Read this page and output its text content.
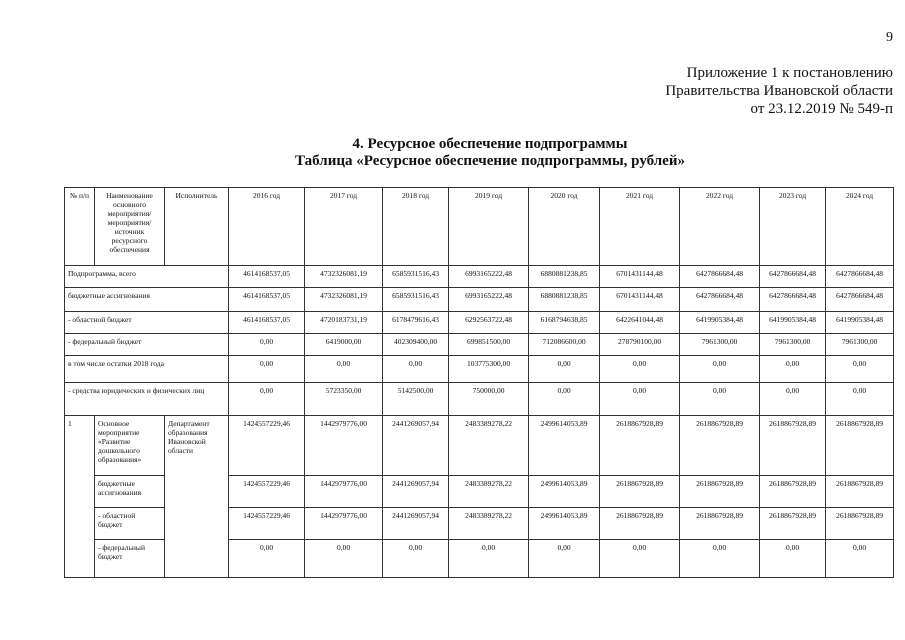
9
Приложение 1 к постановлению
Правительства Ивановской области
от 23.12.2019 № 549-п
4. Ресурсное обеспечение подпрограммы
Таблица «Ресурсное обеспечение подпрограммы, рублей»
№ п/п	Наименование основного мероприятия/ мероприятия/ источник ресурсного обеспечения	Исполнитель	2016 год	2017 год	2018 год	2019 год	2020 год	2021 год	2022 год	2023 год	2024 год
Подпрограмма, всего			4614168537,05	4732326081,19	6585931516,43	6993165222,48	6880881238,85	6701431144,48	6427866684,48	6427866684,48	6427866684,48
бюджетные ассигнования			4614168537,05	4732326081,19	6585931516,43	6993165222,48	6880881238,85	6701431144,48	6427866684,48	6427866684,48	6427866684,48
- областной бюджет			4614168537,05	4720183731,19	6178479616,43	6292563722,48	6168794638,85	6422641044,48	6419905384,48	6419905384,48	6419905384,48
- федеральный бюджет			0,00	6419000,00	402309400,00	699851500,00	712086600,00	278790100,00	7961300,00	7961300,00	7961300,00
в том числе остатки 2018 года			0,00	0,00	0,00	103775300,00	0,00	0,00	0,00	0,00	0,00
- средства юридических и физических лиц			0,00	5723350,00	5142500,00	750000,00	0,00	0,00	0,00	0,00	0,00
1	Основное мероприятие «Развитие дошкольного образования»	Департамент образования Ивановской области	1424557229,46	1442979776,00	2441269057,94	2483389278,22	2499614053,89	2618867928,89	2618867928,89	2618867928,89	2618867928,89
	бюджетные ассигнования		1424557229,46	1442979776,00	2441269057,94	2483389278,22	2499614053,89	2618867928,89	2618867928,89	2618867928,89	2618867928,89
	- областной бюджет		1424557229,46	1442979776,00	2441269057,94	2483389278,22	2499614053,89	2618867928,89	2618867928,89	2618867928,89	2618867928,89
	- федеральный бюджет		0,00	0,00	0,00	0,00	0,00	0,00	0,00	0,00	0,00
